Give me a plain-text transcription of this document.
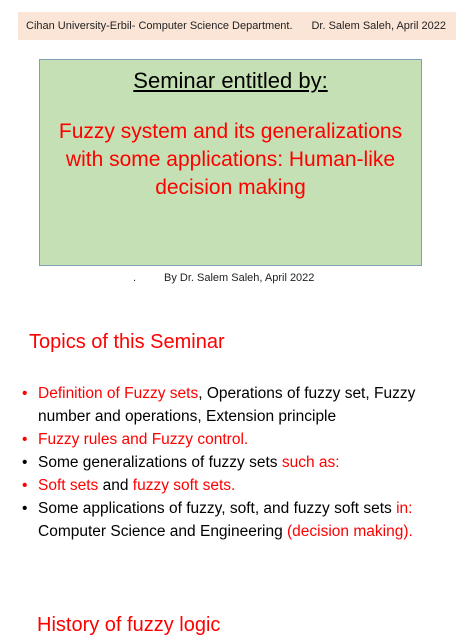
Cihan University-Erbil- Computer Science Department. Dr. Salem Saleh, April 2022
Seminar entitled by:
Fuzzy system and its generalizations with some applications: Human-like decision making
.	By Dr. Salem Saleh, April 2022
Topics of this Seminar
• Definition of Fuzzy sets, Operations of fuzzy set, Fuzzy number and operations, Extension principle
• Fuzzy rules and Fuzzy control.
• Some generalizations of fuzzy sets such as:
• Soft sets and fuzzy soft sets.
• Some applications of fuzzy, soft, and fuzzy soft sets in: Computer Science and Engineering (decision making).
History of fuzzy logic
